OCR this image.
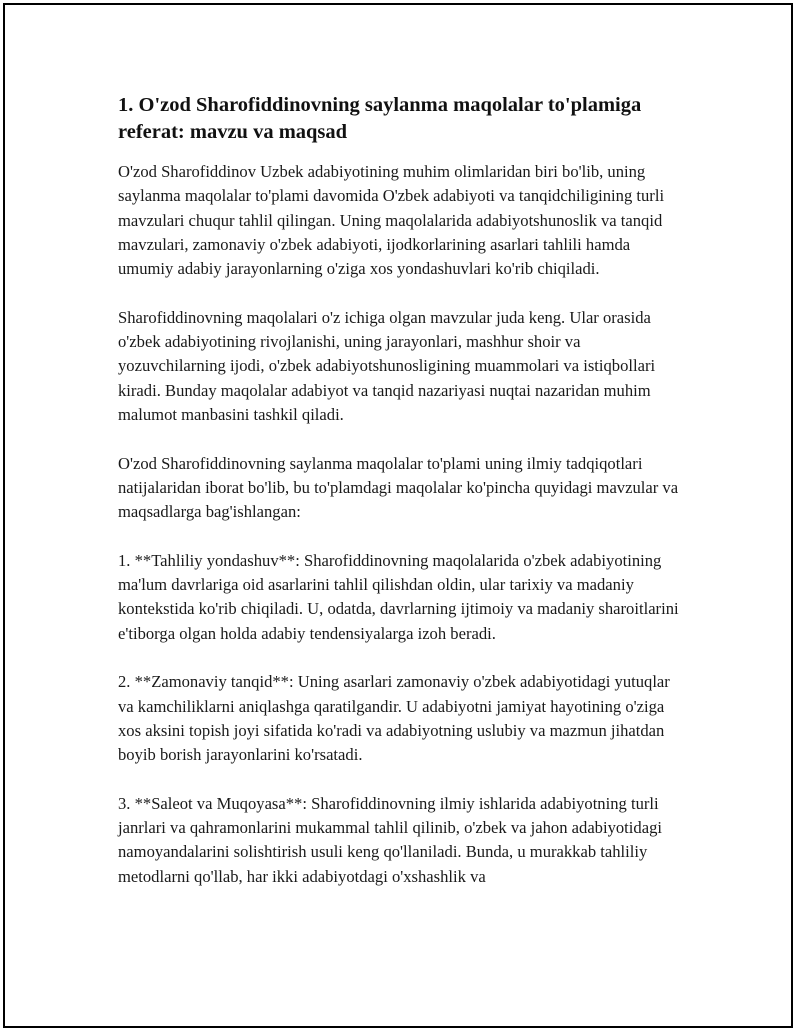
1. O'zod Sharofiddinovning saylanma maqolalar to'plamiga referat: mavzu va maqsad

O'zod Sharofiddinov Uzbek adabiyotining muhim olimlaridan biri bo'lib, uning saylanma maqolalar to'plami davomida O'zbek adabiyoti va tanqidchiligining turli mavzulari chuqur tahlil qilingan. Uning maqolalarida adabiyotshunoslik va tanqid mavzulari, zamonaviy o'zbek adabiyoti, ijodkorlarining asarlari tahlili hamda umumiy adabiy jarayonlarning o'ziga xos yondashuvlari ko'rib chiqiladi.

Sharofiddinovning maqolalari o'z ichiga olgan mavzular juda keng. Ular orasida o'zbek adabiyotining rivojlanishi, uning jarayonlari, mashhur shoir va yozuvchilarning ijodi, o'zbek adabiyotshunosligining muammolari va istiqbollari kiradi. Bunday maqolalar adabiyot va tanqid nazariyasi nuqtai nazaridan muhim malumot manbasini tashkil qiladi.

O'zod Sharofiddinovning saylanma maqolalar to'plami uning ilmiy tadqiqotlari natijalaridan iborat bo'lib, bu to'plamdagi maqolalar ko'pincha quyidagi mavzular va maqsadlarga bag'ishlangan:

1. **Tahliliy yondashuv**: Sharofiddinovning maqolalarida o'zbek adabiyotining ma'lum davrlariga oid asarlarini tahlil qilishdan oldin, ular tarixiy va madaniy kontekstida ko'rib chiqiladi. U, odatda, davrlarning ijtimoiy va madaniy sharoitlarini e'tiborga olgan holda adabiy tendensiyalarga izoh beradi.

2. **Zamonaviy tanqid**: Uning asarlari zamonaviy o'zbek adabiyotidagi yutuqlar va kamchiliklarni aniqlashga qaratilgandir. U adabiyotni jamiyat hayotining o'ziga xos aksini topish joyi sifatida ko'radi va adabiyotning uslubiy va mazmun jihatdan boyib borish jarayonlarini ko'rsatadi.

3. **Saleot va Muqoyasa**: Sharofiddinovning ilmiy ishlarida adabiyotning turli janrlari va qahramonlarini mukammal tahlil qilinib, o'zbek va jahon adabiyotidagi namoyandalarini solishtirish usuli keng qo'llaniladi. Bunda, u murakkab tahliliy metodlarni qo'llab, har ikki adabiyotdagi o'xshashlik va
